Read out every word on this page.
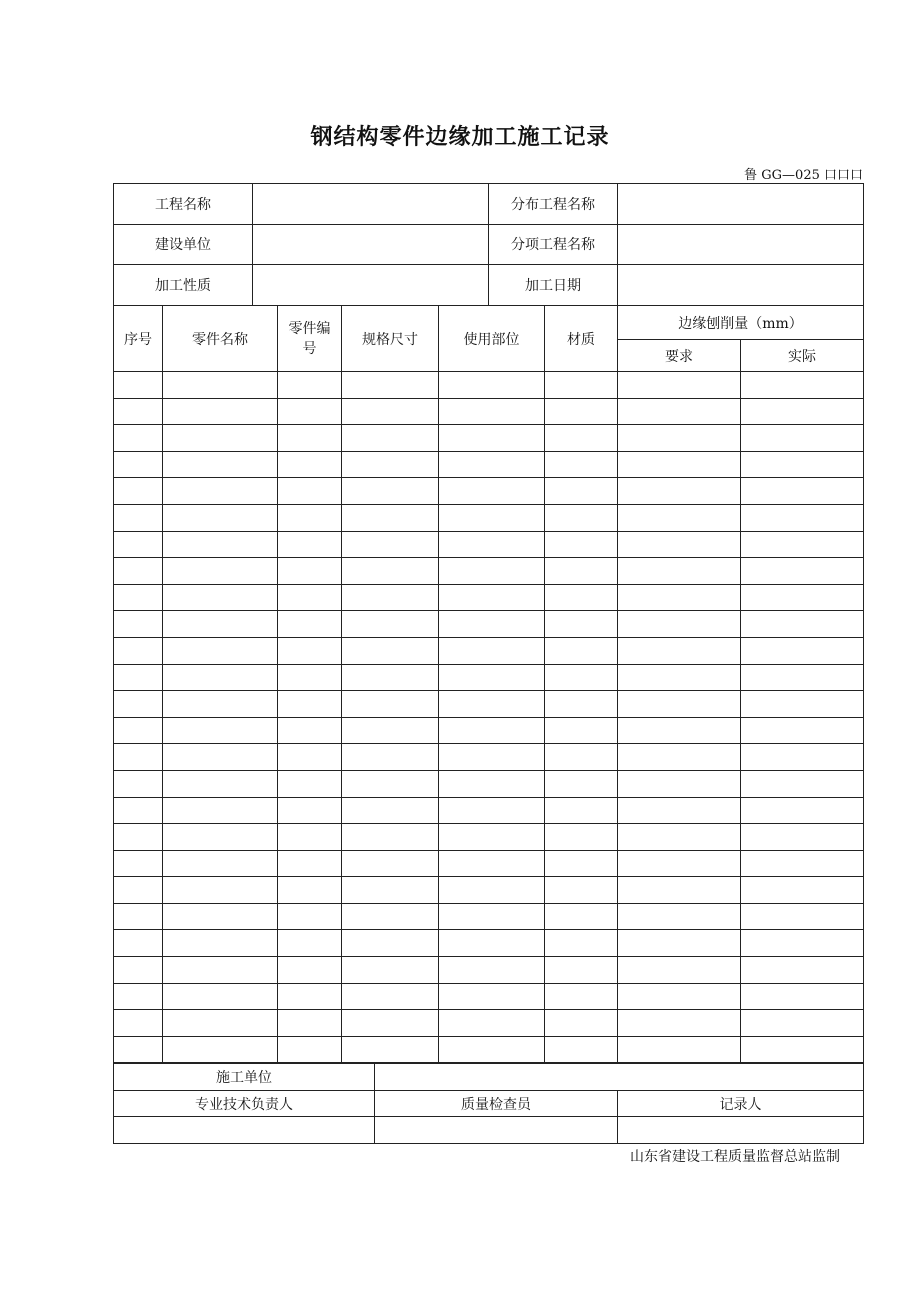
钢结构零件边缘加工施工记录
鲁 GG—025 口口口
工程名称		分布工程名称	
建设单位		分项工程名称	
加工性质		加工日期	
序号	零件名称	零件编号	规格尺寸	使用部位	材质	边缘刨削量（mm）	
						要求	实际

施工单位		
专业技术负责人	质量检查员	记录人

山东省建设工程质量监督总站监制
